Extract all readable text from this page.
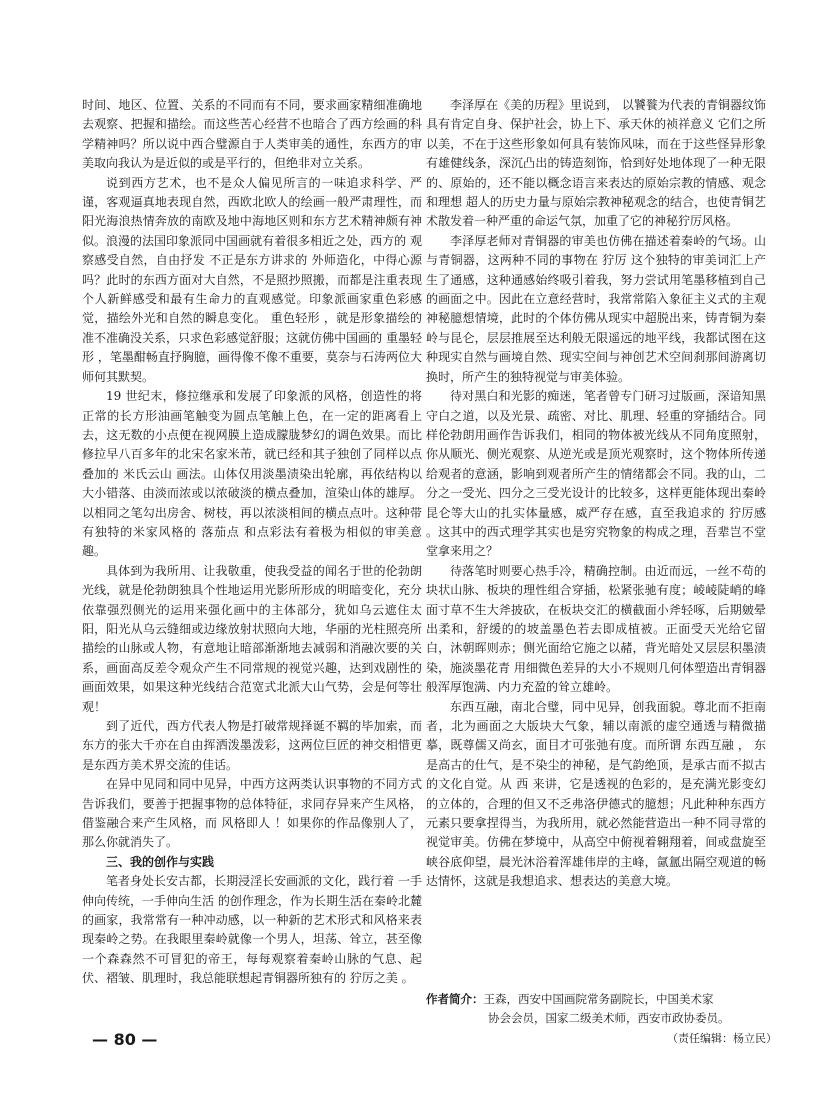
时间、地区、位置、关系的不同而有不同，要求画家精细准确地去观察、把握和描绘。而这些苦心经营不也暗合了西方绘画的科学精神吗？所以说中西合璧源自于人类审美的通性，东西方的审美取向我认为是近似的或是平行的，但绝非对立关系。

说到西方艺术，也不是众人偏见所言的一味追求科学、严谨，客观逼真地表现自然，西欧北欧人的绘画一般严肃理性，而阳光海浪热情奔放的南欧及地中海地区则和东方艺术精神颇有神似。浪漫的法国印象派同中国画就有着很多相近之处，西方的 观察感受自然，自由抒发 不正是东方讲求的 外师造化，中得心源 吗？此时的东西方面对大自然，不是照抄照搬，而都是注重表现个人新鲜感受和最有生命力的直观感觉。印象派画家重色彩感觉，描绘外光和自然的瞬息变化。 重色轻形 ，就是形象描绘的准不准确没关系，只求色彩感觉舒服；这就仿佛中国画的 重墨轻形 ，笔墨酣畅直抒胸臆，画得像不像不重要，莫奈与石涛两位大师何其默契。

19 世纪末，修拉继承和发展了印象派的风格，创造性的将正常的长方形油画笔触变为圆点笔触上色，在一定的距离看上去，这无数的小点便在视网膜上造成朦胧梦幻的调色效果。而比修拉早八百多年的北宋名家米芾，就已经和其子独创了同样以点叠加的 米氏云山 画法。山体仅用淡墨渍染出轮廓，再依结构以大小错落、由淡而浓或以浓破淡的横点叠加，渲染山体的雄厚。以相同之笔勾出房舍、树枝，再以浓淡相间的横点点叶。这种带有独特的米家风格的 落茄点 和点彩法有着极为相似的审美意趣。

具体到为我所用、让我敬重，使我受益的闻名于世的伦勃朗光线，就是伦勃朗独具个性地运用光影所形成的明暗变化，充分依靠强烈侧光的运用来强化画中的主体部分，犹如乌云遮住太阳，阳光从乌云缝细或边缘放射状照向大地，华丽的光柱照亮所描绘的山脉或人物，有意地让暗部渐渐地去减弱和消融次要的关系，画面高反差令观众产生不同常规的视觉兴趣，达到戏剧性的画面效果，如果这种光线结合范宽式北派大山气势，会是何等壮观！

到了近代，西方代表人物是打破常规择诞不羁的毕加索，而东方的张大千亦在自由挥洒泼墨泼彩，这两位巨匠的神交相惜更是东西方美术界交流的佳话。

在异中见同和同中见异，中西方这两类认识事物的不同方式告诉我们，要善于把握事物的总体特征，求同存异来产生风格，借鉴融合来产生风格，而 风格即人 ！如果你的作品像别人了，那么你就消失了。

三、我的创作与实践

笔者身处长安古都，长期浸淫长安画派的文化，践行着 一手伸向传统，一手伸向生活 的创作理念，作为长期生活在秦岭北麓的画家，我常常有一种冲动感，以一种新的艺术形式和风格来表现秦岭之势。在我眼里秦岭就像一个男人，坦荡、耸立，甚至像一个森森然不可冒犯的帝王，每每观察着秦岭山脉的气息、起伏、褶皱、肌理时，我总能联想起青铜器所独有的 狞厉之美 。

李泽厚在《美的历程》里说到， 以饕餮为代表的青铜器纹饰具有肯定自身、保护社会，协上下、承天休的祯祥意义 它们之所以美，不在于这些形象如何具有装饰风味，而在于这些怪异形象有雄健线条，深沉凸出的铸造刻饰，恰到好处地体现了一种无限的、原始的，还不能以概念语言来表达的原始宗教的情感、观念和理想 超人的历史力量与原始宗教神秘观念的结合，也使青铜艺术散发着一种严重的命运气氛，加重了它的神秘狞厉风格。

李泽厚老师对青铜器的审美也仿佛在描述着秦岭的气场。山与青铜器，这两种不同的事物在 狞厉 这个独特的审美词汇上产生了通感，这种通感始终吸引着我，努力尝试用笔墨移植到自己的画面之中。因此在立意经营时，我常常陷入象征主义式的主观神秘臆想情境，此时的个体仿佛从现实中超脱出来，铸青铜为秦岭与昆仑，层层推展至达利般无限遥远的地平线，我都试图在这种现实自然与画境自然、现实空间与神创艺术空间刹那间游离切换时，所产生的独特视觉与审美体验。

待对黑白和光影的痴迷，笔者曾专门研习过版画，深谙知黑守白之道，以及光景、疏密、对比、肌理、轻重的穿插结合。同样伦勃朗用画作告诉我们，相同的物体被光线从不同角度照射，你从顺光、侧光观察、从逆光或是顶光观察时，这个物体所传递给观者的意涵，影响到观者所产生的情绪都会不同。我的山，二分之一受光、四分之三受光设计的比较多，这样更能体现出秦岭昆仑等大山的扎实体量感，威严存在感，直至我追求的 狞厉感 。这其中的西式理学其实也是穷究物象的构成之理，吾辈岂不堂堂拿来用之？

待落笔时则要心热手冷，精确控制。由近而远，一丝不苟的块状山脉、板块的理性组合穿插，松紧张驰有度；崚崚陡峭的峰面寸草不生大斧披砍，在板块交汇的横截面小斧轻啄，后期皴晕出柔和，舒缓的的坡盖墨色若去即成植被。正面受天光给它留白，沐朝晖则赤；侧光面给它施之以赭，背光暗处又层层积墨渍染，施淡墨花青 用细微色差异的大小不规则几何体塑造出青铜器般浑厚饱满、内力充盈的耸立雄岭。

东西互融，南北合璧，同中见异，创我面貌。尊北而不拒南者，北为画面之大版块大气象，辅以南派的虚空通透与精微描摹，既尊儒又尚玄，面目才可张弛有度。而所谓 东西互融 ， 东 是高古的仕气，是不染尘的神秘，是气韵绝顶，是承古而不拟古的文化自觉。从 西 来讲，它是透视的色彩的，是充满光影变幻的立体的，合理的但又不乏弗洛伊德式的臆想；凡此种种东西方元素只要拿捏得当，为我所用，就必然能营造出一种不同寻常的视觉审美。仿佛在梦境中，从高空中俯视着翱翔着，间或盘旋至峡谷底仰望，晨光沐浴着浑雄伟岸的主峰，氤氲出隔空观道的畅达情怀，这就是我想追求、想表达的美意大境。

作者简介：王森，西安中国画院常务副院长，中国美术家
协会会员，国家二级美术师，西安市政协委员。
（责任编辑：杨立民）
— 80 —
